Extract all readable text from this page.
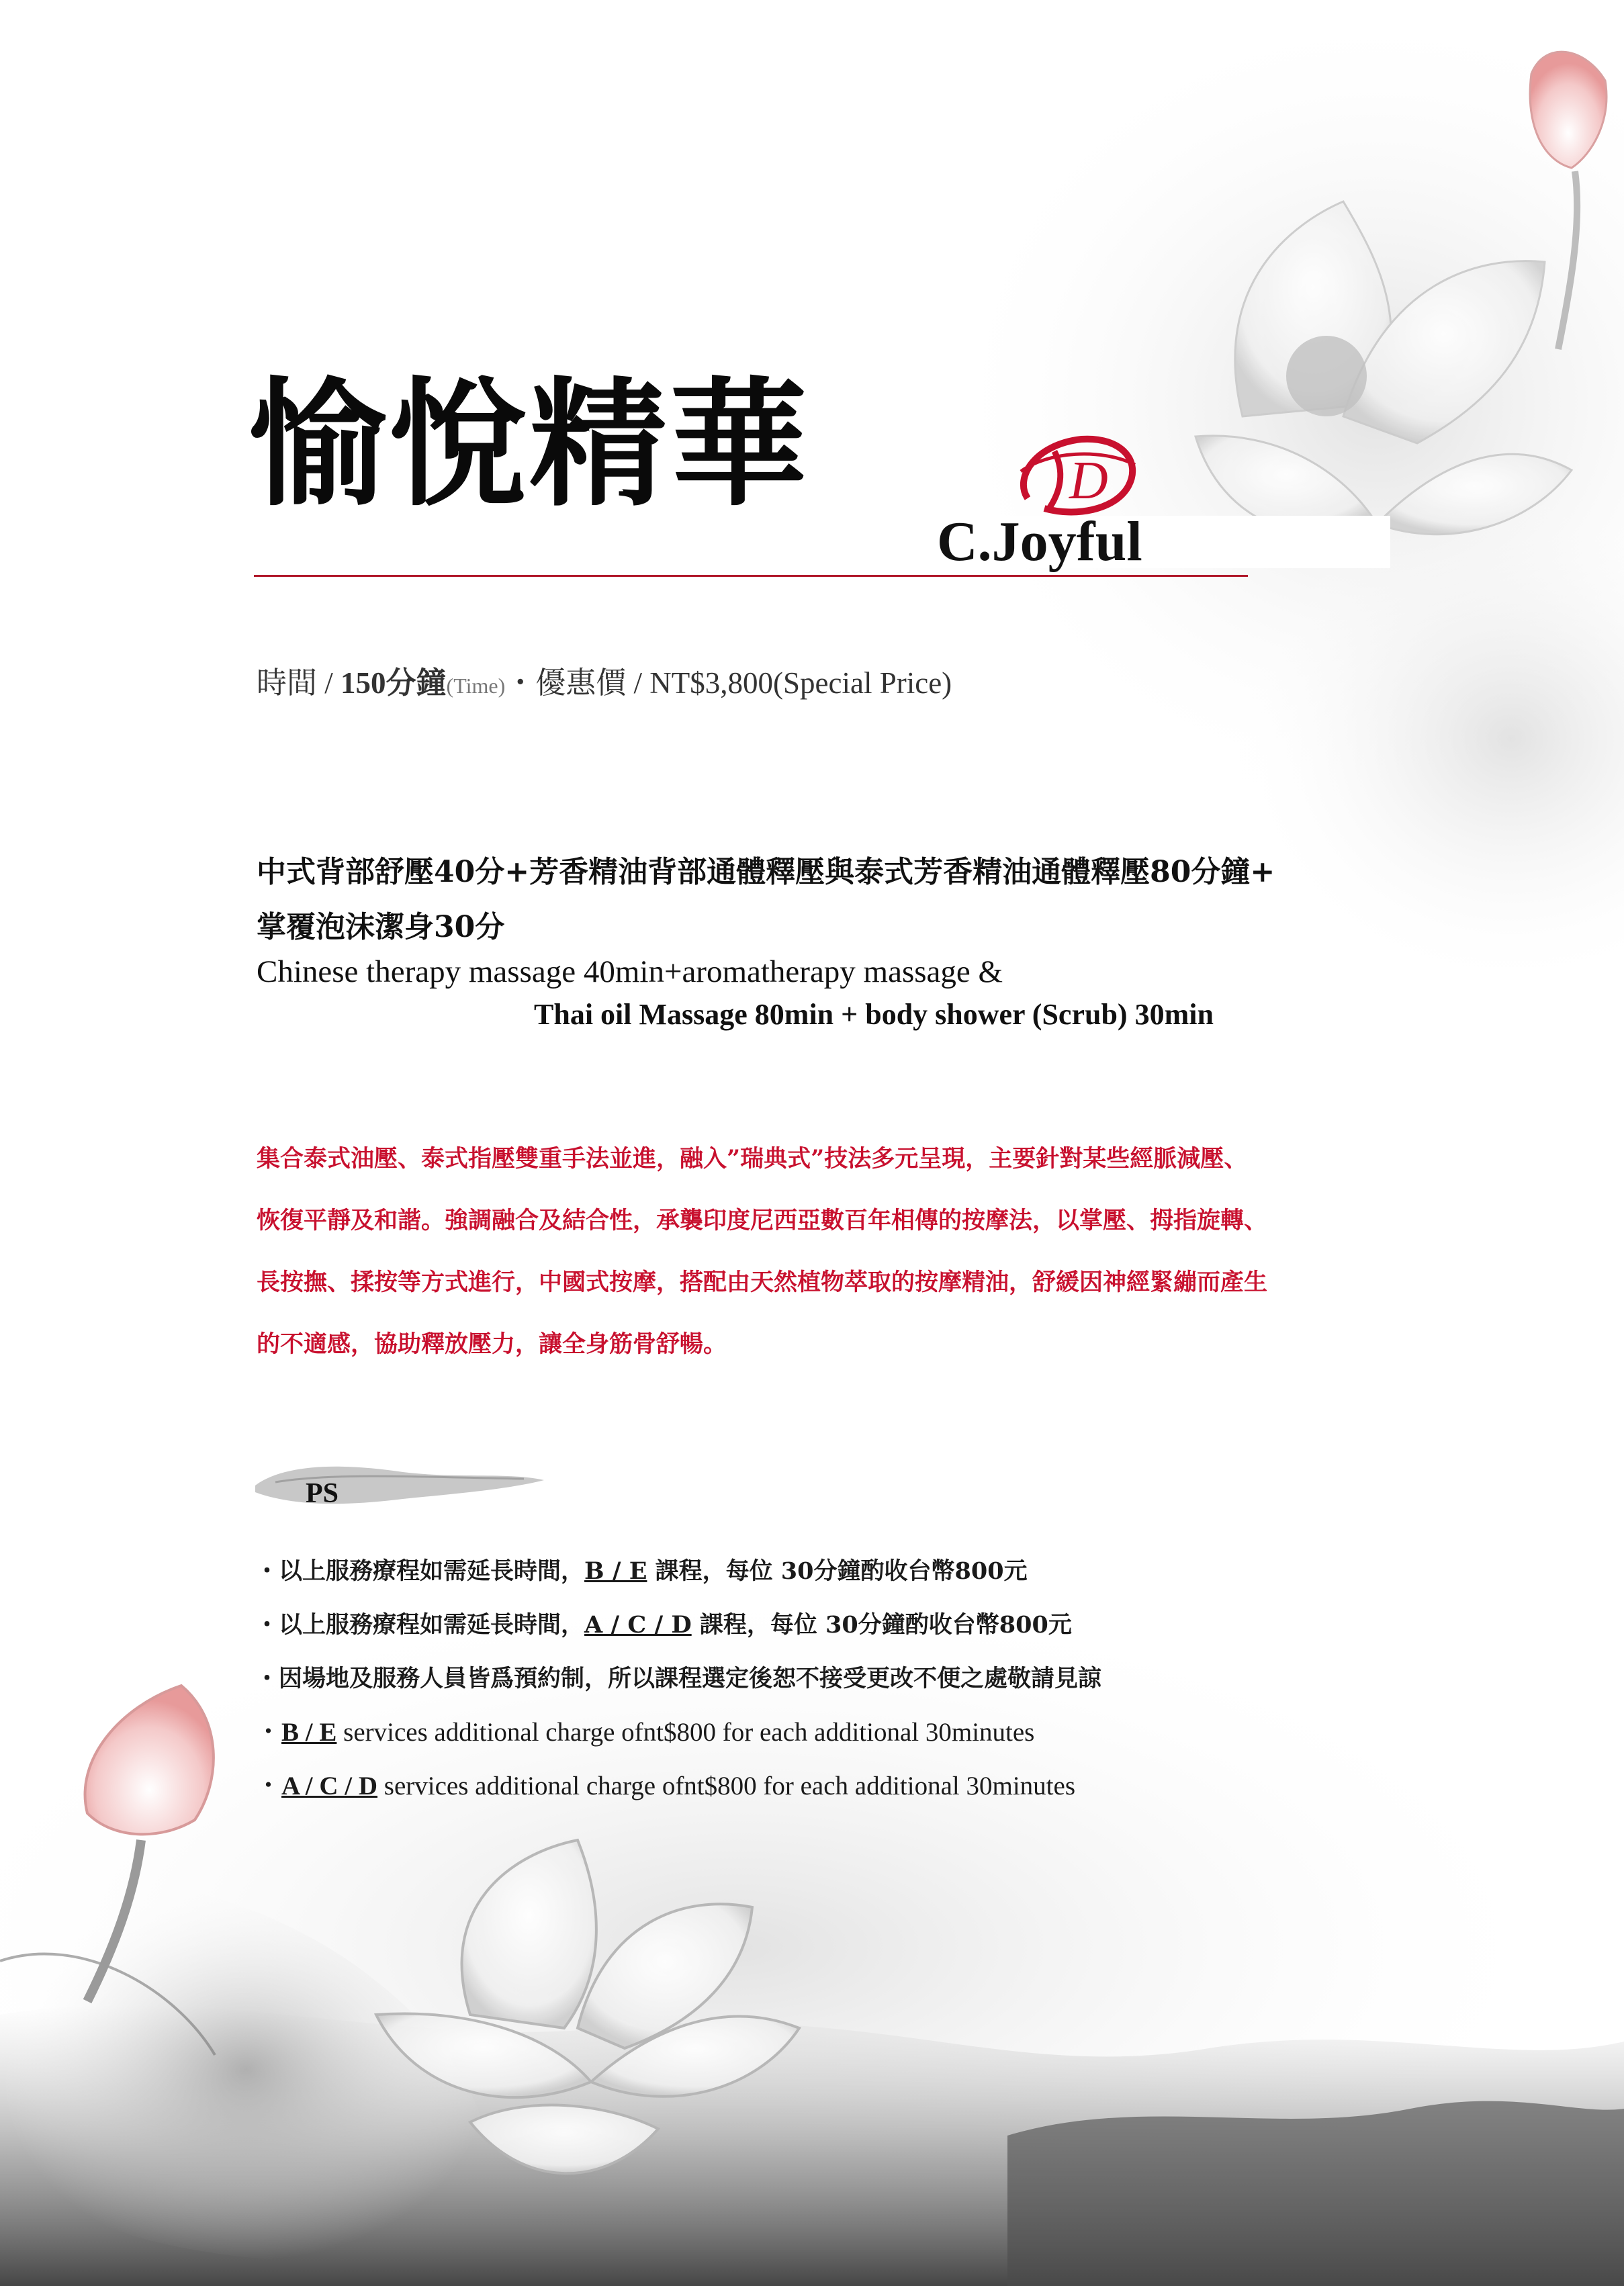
愉悅精華
C.Joyful
D
時間 / 150分鐘(Time)・優惠價 / NT$3,800(Special Price)
中式背部舒壓40分+芳香精油背部通體釋壓與泰式芳香精油通體釋壓80分鐘+
掌覆泡沫潔身30分
Chinese therapy massage 40min+aromatherapy massage &
Thai oil Massage 80min + body shower (Scrub) 30min
集合泰式油壓、泰式指壓雙重手法並進，融入”瑞典式”技法多元呈現，主要針對某些經脈減壓、
恢復平靜及和諧。強調融合及結合性，承襲印度尼西亞數百年相傳的按摩法，以掌壓、拇指旋轉、
長按撫、揉按等方式進行，中國式按摩，搭配由天然植物萃取的按摩精油，舒緩因神經緊繃而產生
的不適感，協助釋放壓力，讓全身筋骨舒暢。
PS
・以上服務療程如需延長時間，B / E 課程，每位 30分鐘酌收台幣800元
・以上服務療程如需延長時間，A / C / D 課程，每位 30分鐘酌收台幣800元
・因場地及服務人員皆爲預約制，所以課程選定後恕不接受更改不便之處敬請見諒
・B / E services additional charge ofnt$800 for each additional 30minutes
・A / C / D services additional charge ofnt$800 for each additional 30minutes
